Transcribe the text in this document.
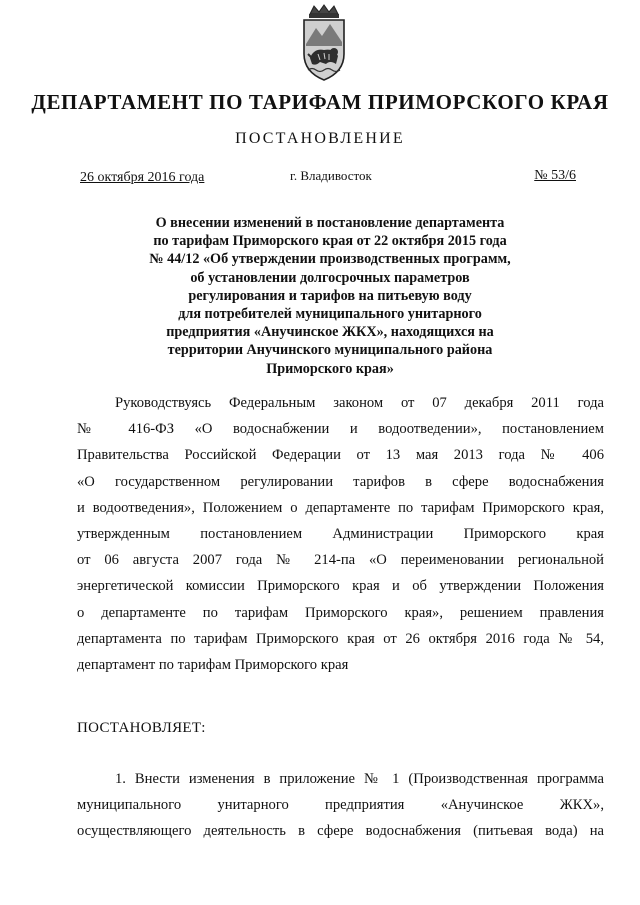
ДЕПАРТАМЕНТ ПО ТАРИФАМ ПРИМОРСКОГО КРАЯ
ПОСТАНОВЛЕНИЕ
26 октября 2016 года	г. Владивосток	№ 53/6
О внесении изменений в постановление департамента
по тарифам Приморского края от 22 октября 2015 года
№ 44/12 «Об утверждении производственных программ,
об установлении долгосрочных параметров
регулирования и тарифов на питьевую воду
для потребителей муниципального унитарного
предприятия «Анучинское ЖКХ», находящихся на
территории Анучинского муниципального района
Приморского края»
Руководствуясь Федеральным законом от 07 декабря 2011 года
№ 416-ФЗ «О водоснабжении и водоотведении», постановлением
Правительства Российской Федерации от 13 мая 2013 года № 406
«О государственном регулировании тарифов в сфере водоснабжения
и водоотведения», Положением о департаменте по тарифам Приморского края,
утвержденным постановлением Администрации Приморского края
от 06 августа 2007 года № 214-па «О переименовании региональной
энергетической комиссии Приморского края и об утверждении Положения
о департаменте по тарифам Приморского края», решением правления
департамента по тарифам Приморского края от 26 октября 2016 года № 54,
департамент по тарифам Приморского края
ПОСТАНОВЛЯЕТ:
1. Внести изменения в приложение № 1 (Производственная программа
муниципального унитарного предприятия «Анучинское ЖКХ»,
осуществляющего деятельность в сфере водоснабжения (питьевая вода) на
